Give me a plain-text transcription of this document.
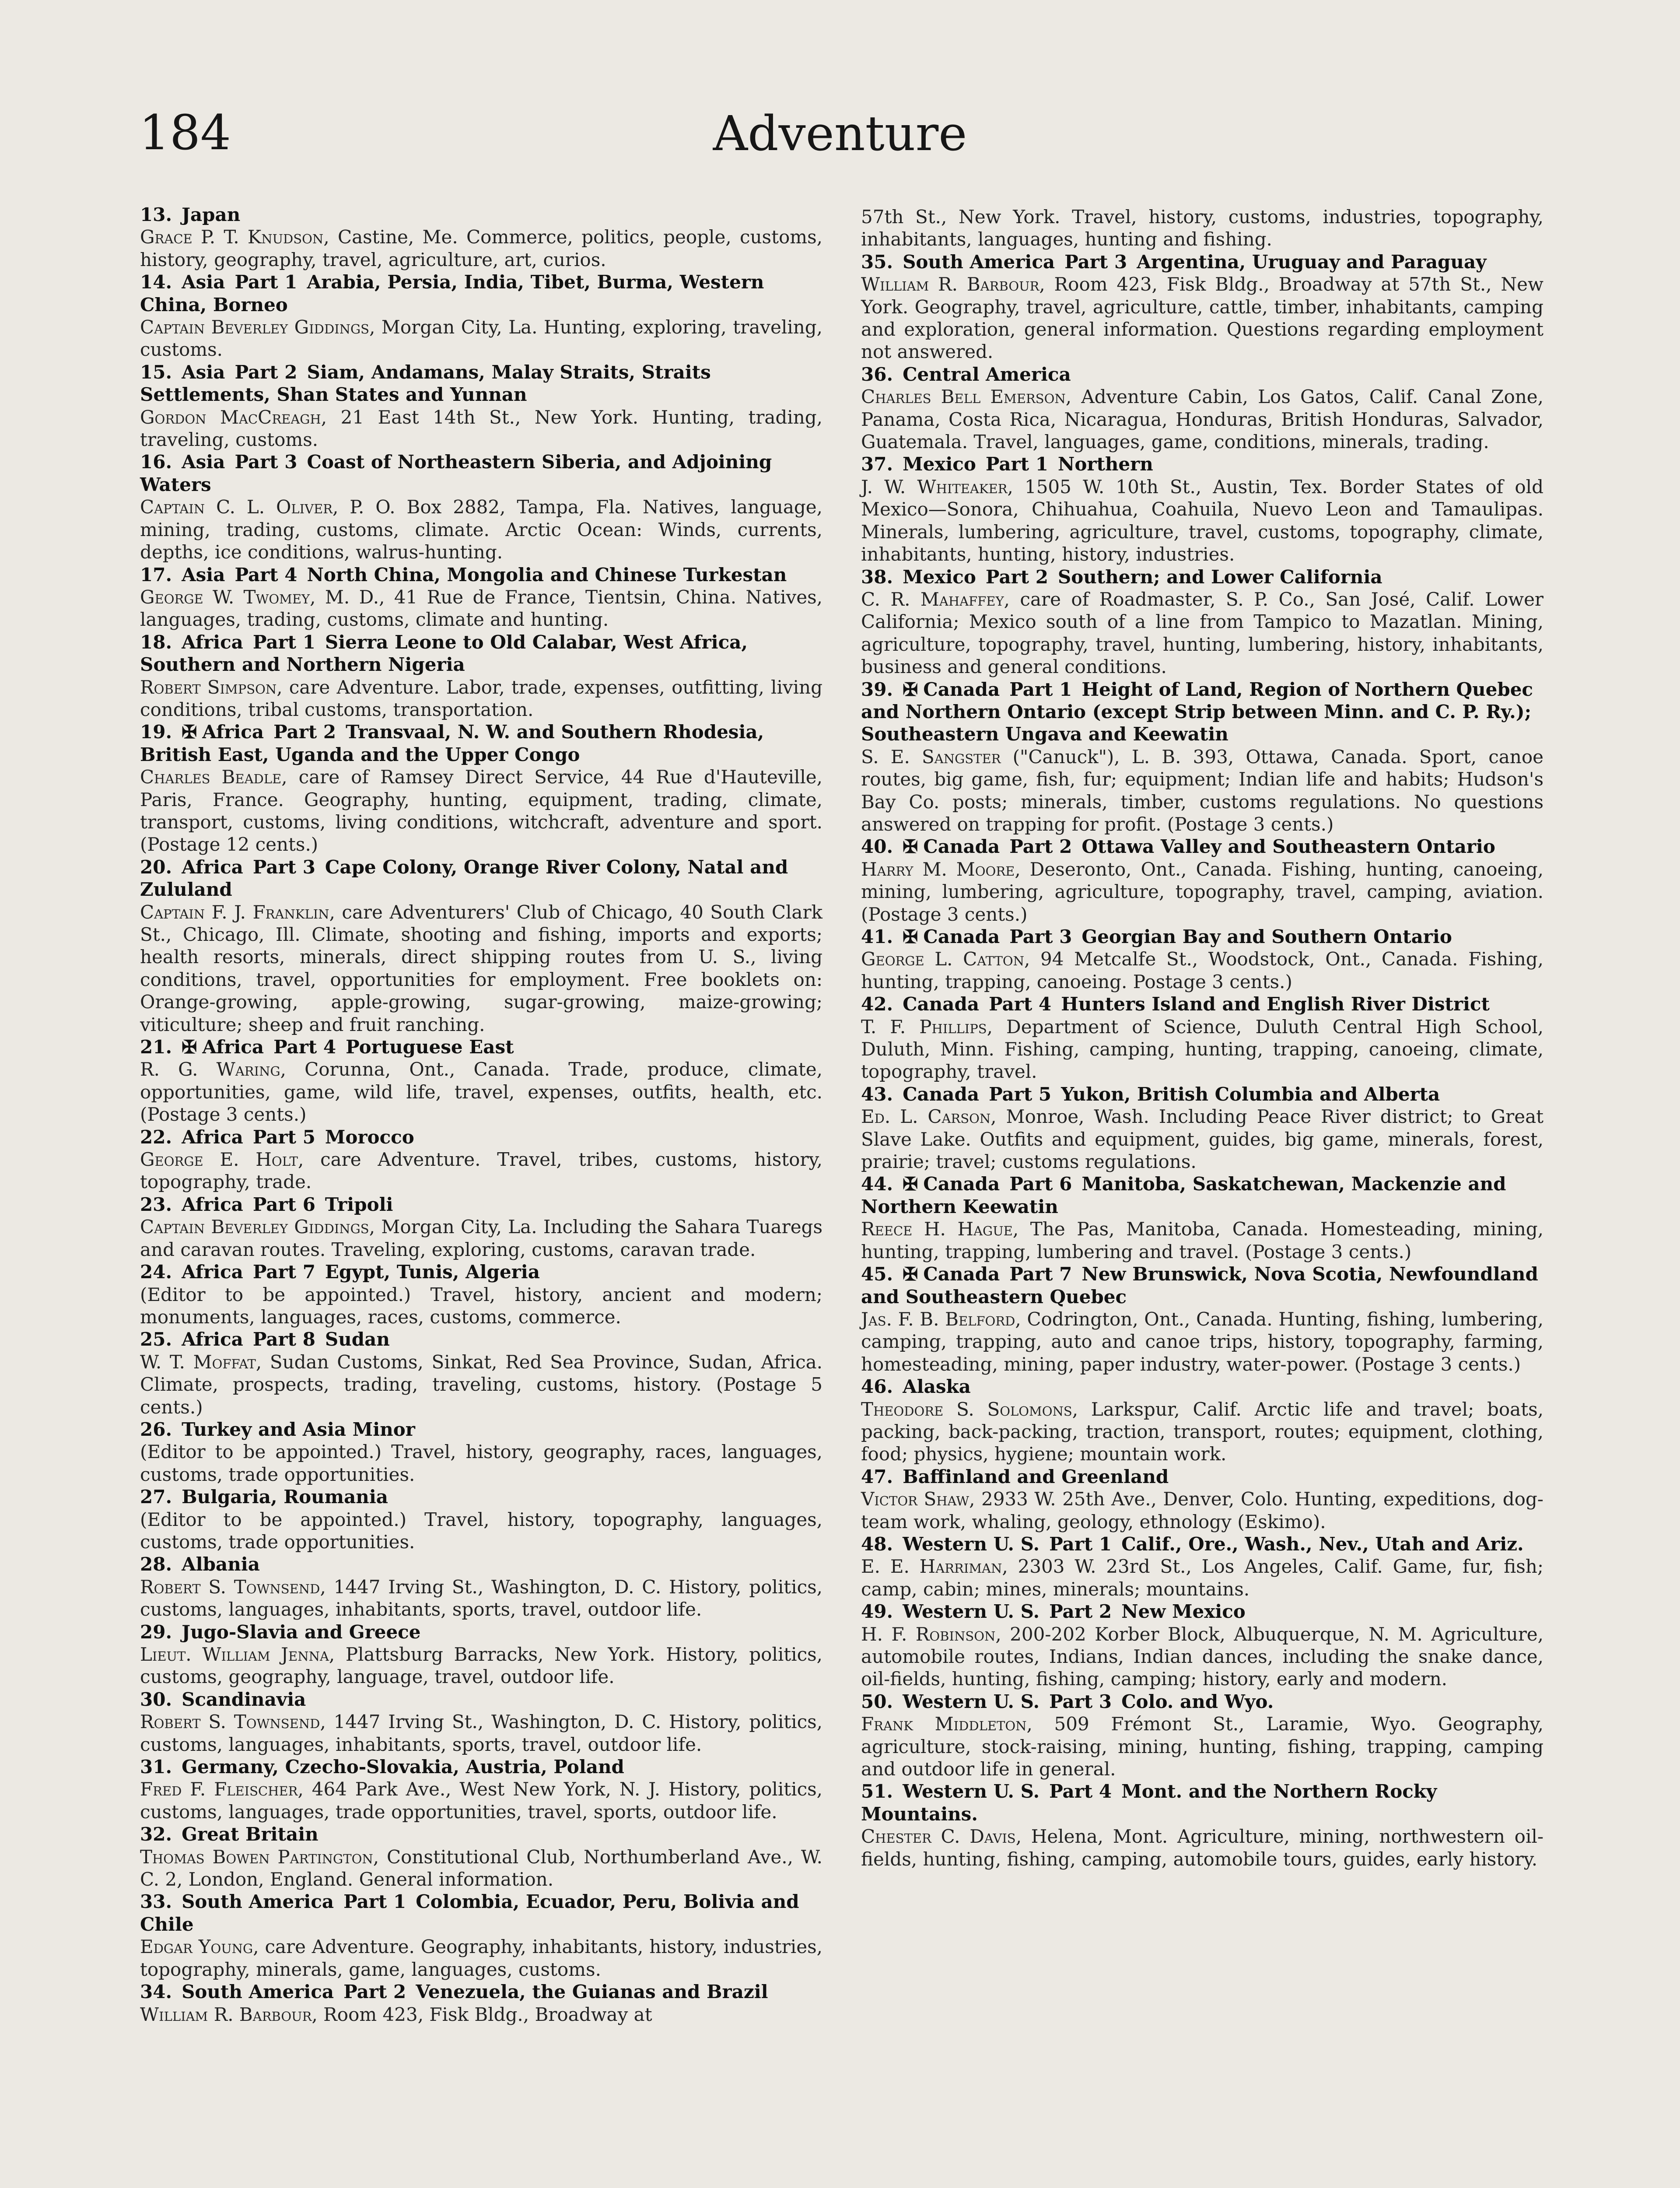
184	Adventure

13. Japan

Grace P. T. Knudson, Castine, Me. Commerce, politics, people, customs, history, geography, travel, agriculture, art, curios.

14. Asia Part 1 Arabia, Persia, India, Tibet, Burma, Western China, Borneo

Captain Beverley Giddings, Morgan City, La. Hunting, exploring, traveling, customs.

15. Asia Part 2 Siam, Andamans, Malay Straits, Straits Settlements, Shan States and Yunnan

Gordon MacCreagh, 21 East 14th St., New York. Hunting, trading, traveling, customs.

16. Asia Part 3 Coast of Northeastern Siberia, and Adjoining Waters

Captain C. L. Oliver, P. O. Box 2882, Tampa, Fla. Natives, language, mining, trading, customs, climate. Arctic Ocean: Winds, currents, depths, ice conditions, walrus-hunting.

17. Asia Part 4 North China, Mongolia and Chinese Turkestan

George W. Twomey, M. D., 41 Rue de France, Tientsin, China. Natives, languages, trading, customs, climate and hunting.

18. Africa Part 1 Sierra Leone to Old Calabar, West Africa, Southern and Northern Nigeria

Robert Simpson, care Adventure. Labor, trade, expenses, outfitting, living conditions, tribal customs, transportation.

19. ✠ Africa Part 2 Transvaal, N. W. and Southern Rhodesia, British East, Uganda and the Upper Congo

Charles Beadle, care of Ramsey Direct Service, 44 Rue d'Hauteville, Paris, France. Geography, hunting, equipment, trading, climate, transport, customs, living conditions, witchcraft, adventure and sport. (Postage 12 cents.)

20. Africa Part 3 Cape Colony, Orange River Colony, Natal and Zululand

Captain F. J. Franklin, care Adventurers' Club of Chicago, 40 South Clark St., Chicago, Ill. Climate, shooting and fishing, imports and exports; health resorts, minerals, direct shipping routes from U. S., living conditions, travel, opportunities for employment. Free booklets on: Orange-growing, apple-growing, sugar-growing, maize-growing; viticulture; sheep and fruit ranching.

21. ✠ Africa Part 4 Portuguese East

R. G. Waring, Corunna, Ont., Canada. Trade, produce, climate, opportunities, game, wild life, travel, expenses, outfits, health, etc. (Postage 3 cents.)

22. Africa Part 5 Morocco

George E. Holt, care Adventure. Travel, tribes, customs, history, topography, trade.

23. Africa Part 6 Tripoli

Captain Beverley Giddings, Morgan City, La. Including the Sahara Tuaregs and caravan routes. Traveling, exploring, customs, caravan trade.

24. Africa Part 7 Egypt, Tunis, Algeria

(Editor to be appointed.) Travel, history, ancient and modern; monuments, languages, races, customs, commerce.

25. Africa Part 8 Sudan

W. T. Moffat, Sudan Customs, Sinkat, Red Sea Province, Sudan, Africa. Climate, prospects, trading, traveling, customs, history. (Postage 5 cents.)

26. Turkey and Asia Minor

(Editor to be appointed.) Travel, history, geography, races, languages, customs, trade opportunities.

27. Bulgaria, Roumania

(Editor to be appointed.) Travel, history, topography, languages, customs, trade opportunities.

28. Albania

Robert S. Townsend, 1447 Irving St., Washington, D. C. History, politics, customs, languages, inhabitants, sports, travel, outdoor life.

29. Jugo-Slavia and Greece

Lieut. William Jenna, Plattsburg Barracks, New York. History, politics, customs, geography, language, travel, outdoor life.

30. Scandinavia

Robert S. Townsend, 1447 Irving St., Washington, D. C. History, politics, customs, languages, inhabitants, sports, travel, outdoor life.

31. Germany, Czecho-Slovakia, Austria, Poland

Fred F. Fleischer, 464 Park Ave., West New York, N. J. History, politics, customs, languages, trade opportunities, travel, sports, outdoor life.

32. Great Britain

Thomas Bowen Partington, Constitutional Club, Northumberland Ave., W. C. 2, London, England. General information.

33. South America Part 1 Colombia, Ecuador, Peru, Bolivia and Chile

Edgar Young, care Adventure. Geography, inhabitants, history, industries, topography, minerals, game, languages, customs.

34. South America Part 2 Venezuela, the Guianas and Brazil

William R. Barbour, Room 423, Fisk Bldg., Broadway at

57th St., New York. Travel, history, customs, industries, topography, inhabitants, languages, hunting and fishing.

35. South America Part 3 Argentina, Uruguay and Paraguay

William R. Barbour, Room 423, Fisk Bldg., Broadway at 57th St., New York. Geography, travel, agriculture, cattle, timber, inhabitants, camping and exploration, general information. Questions regarding employment not answered.

36. Central America

Charles Bell Emerson, Adventure Cabin, Los Gatos, Calif. Canal Zone, Panama, Costa Rica, Nicaragua, Honduras, British Honduras, Salvador, Guatemala. Travel, languages, game, conditions, minerals, trading.

37. Mexico Part 1 Northern

J. W. Whiteaker, 1505 W. 10th St., Austin, Tex. Border States of old Mexico—Sonora, Chihuahua, Coahuila, Nuevo Leon and Tamaulipas. Minerals, lumbering, agriculture, travel, customs, topography, climate, inhabitants, hunting, history, industries.

38. Mexico Part 2 Southern; and Lower California

C. R. Mahaffey, care of Roadmaster, S. P. Co., San José, Calif. Lower California; Mexico south of a line from Tampico to Mazatlan. Mining, agriculture, topography, travel, hunting, lumbering, history, inhabitants, business and general conditions.

39. ✠ Canada Part 1 Height of Land, Region of Northern Quebec and Northern Ontario (except Strip between Minn. and C. P. Ry.); Southeastern Ungava and Keewatin

S. E. Sangster ("Canuck"), L. B. 393, Ottawa, Canada. Sport, canoe routes, big game, fish, fur; equipment; Indian life and habits; Hudson's Bay Co. posts; minerals, timber, customs regulations. No questions answered on trapping for profit. (Postage 3 cents.)

40. ✠ Canada Part 2 Ottawa Valley and Southeastern Ontario

Harry M. Moore, Deseronto, Ont., Canada. Fishing, hunting, canoeing, mining, lumbering, agriculture, topography, travel, camping, aviation. (Postage 3 cents.)

41. ✠ Canada Part 3 Georgian Bay and Southern Ontario

George L. Catton, 94 Metcalfe St., Woodstock, Ont., Canada. Fishing, hunting, trapping, canoeing. Postage 3 cents.)

42. Canada Part 4 Hunters Island and English River District

T. F. Phillips, Department of Science, Duluth Central High School, Duluth, Minn. Fishing, camping, hunting, trapping, canoeing, climate, topography, travel.

43. Canada Part 5 Yukon, British Columbia and Alberta

Ed. L. Carson, Monroe, Wash. Including Peace River district; to Great Slave Lake. Outfits and equipment, guides, big game, minerals, forest, prairie; travel; customs regulations.

44. ✠ Canada Part 6 Manitoba, Saskatchewan, Mackenzie and Northern Keewatin

Reece H. Hague, The Pas, Manitoba, Canada. Homesteading, mining, hunting, trapping, lumbering and travel. (Postage 3 cents.)

45. ✠ Canada Part 7 New Brunswick, Nova Scotia, Newfoundland and Southeastern Quebec

Jas. F. B. Belford, Codrington, Ont., Canada. Hunting, fishing, lumbering, camping, trapping, auto and canoe trips, history, topography, farming, homesteading, mining, paper industry, water-power. (Postage 3 cents.)

46. Alaska

Theodore S. Solomons, Larkspur, Calif. Arctic life and travel; boats, packing, back-packing, traction, transport, routes; equipment, clothing, food; physics, hygiene; mountain work.

47. Baffinland and Greenland

Victor Shaw, 2933 W. 25th Ave., Denver, Colo. Hunting, expeditions, dog-team work, whaling, geology, ethnology (Eskimo).

48. Western U. S. Part 1 Calif., Ore., Wash., Nev., Utah and Ariz.

E. E. Harriman, 2303 W. 23rd St., Los Angeles, Calif. Game, fur, fish; camp, cabin; mines, minerals; mountains.

49. Western U. S. Part 2 New Mexico

H. F. Robinson, 200-202 Korber Block, Albuquerque, N. M. Agriculture, automobile routes, Indians, Indian dances, including the snake dance, oil-fields, hunting, fishing, camping; history, early and modern.

50. Western U. S. Part 3 Colo. and Wyo.

Frank Middleton, 509 Frémont St., Laramie, Wyo. Geography, agriculture, stock-raising, mining, hunting, fishing, trapping, camping and outdoor life in general.

51. Western U. S. Part 4 Mont. and the Northern Rocky Mountains.

Chester C. Davis, Helena, Mont. Agriculture, mining, northwestern oil-fields, hunting, fishing, camping, automobile tours, guides, early history.
